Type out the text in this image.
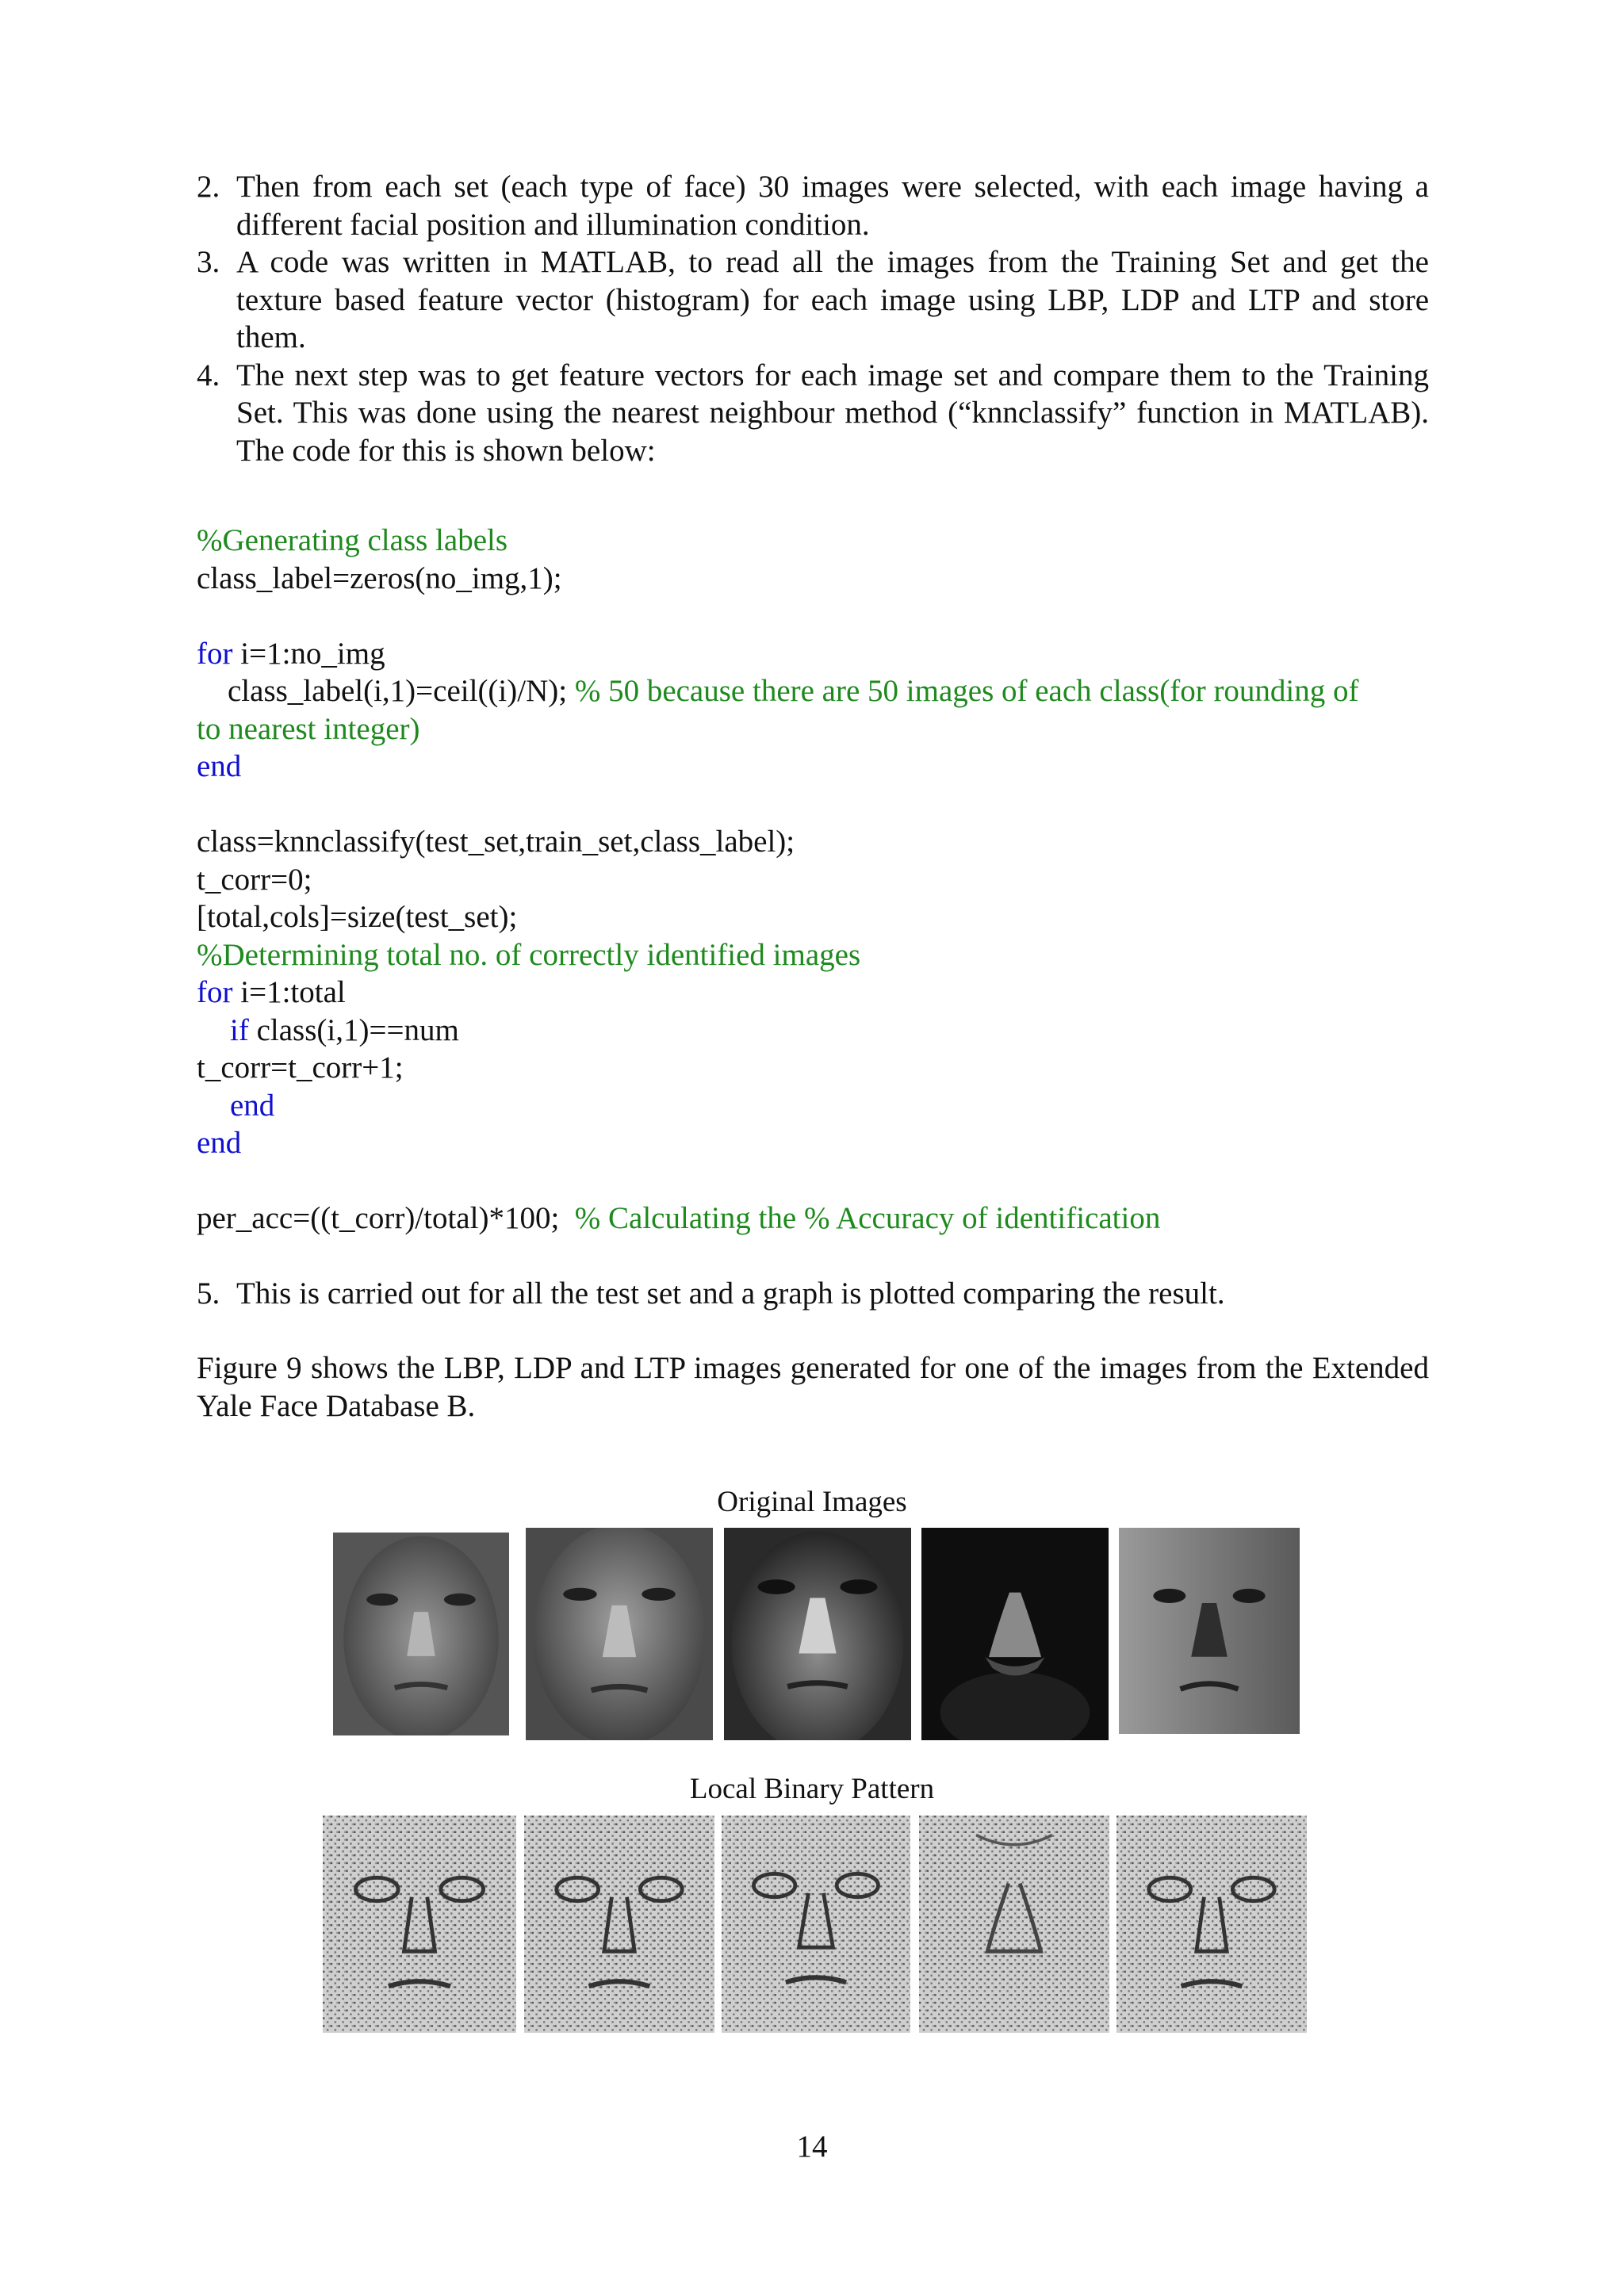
2. Then from each set (each type of face) 30 images were selected, with each image having a different facial position and illumination condition.

3. A code was written in MATLAB, to read all the images from the Training Set and get the texture based feature vector (histogram) for each image using LBP, LDP and LTP and store them.

4. The next step was to get feature vectors for each image set and compare them to the Training Set. This was done using the nearest neighbour method (“knnclassify” function in MATLAB). The code for this is shown below:

%Generating class labels
class_label=zeros(no_img,1);
for i=1:no_img
class_label(i,1)=ceil((i)/N); % 50 because there are 50 images of each class(for rounding of
to nearest integer)
end
class=knnclassify(test_set,train_set,class_label);
t_corr=0;
[total,cols]=size(test_set);
%Determining total no. of correctly identified images
for i=1:total
if class(i,1)==num
t_corr=t_corr+1;
end
end
per_acc=((t_corr)/total)*100;  % Calculating the % Accuracy of identification

5. This is carried out for all the test set and a graph is plotted comparing the result.

Figure 9 shows the LBP, LDP and LTP images generated for one of the images from the Extended Yale Face Database B.

Original Images
Local Binary Pattern
14
